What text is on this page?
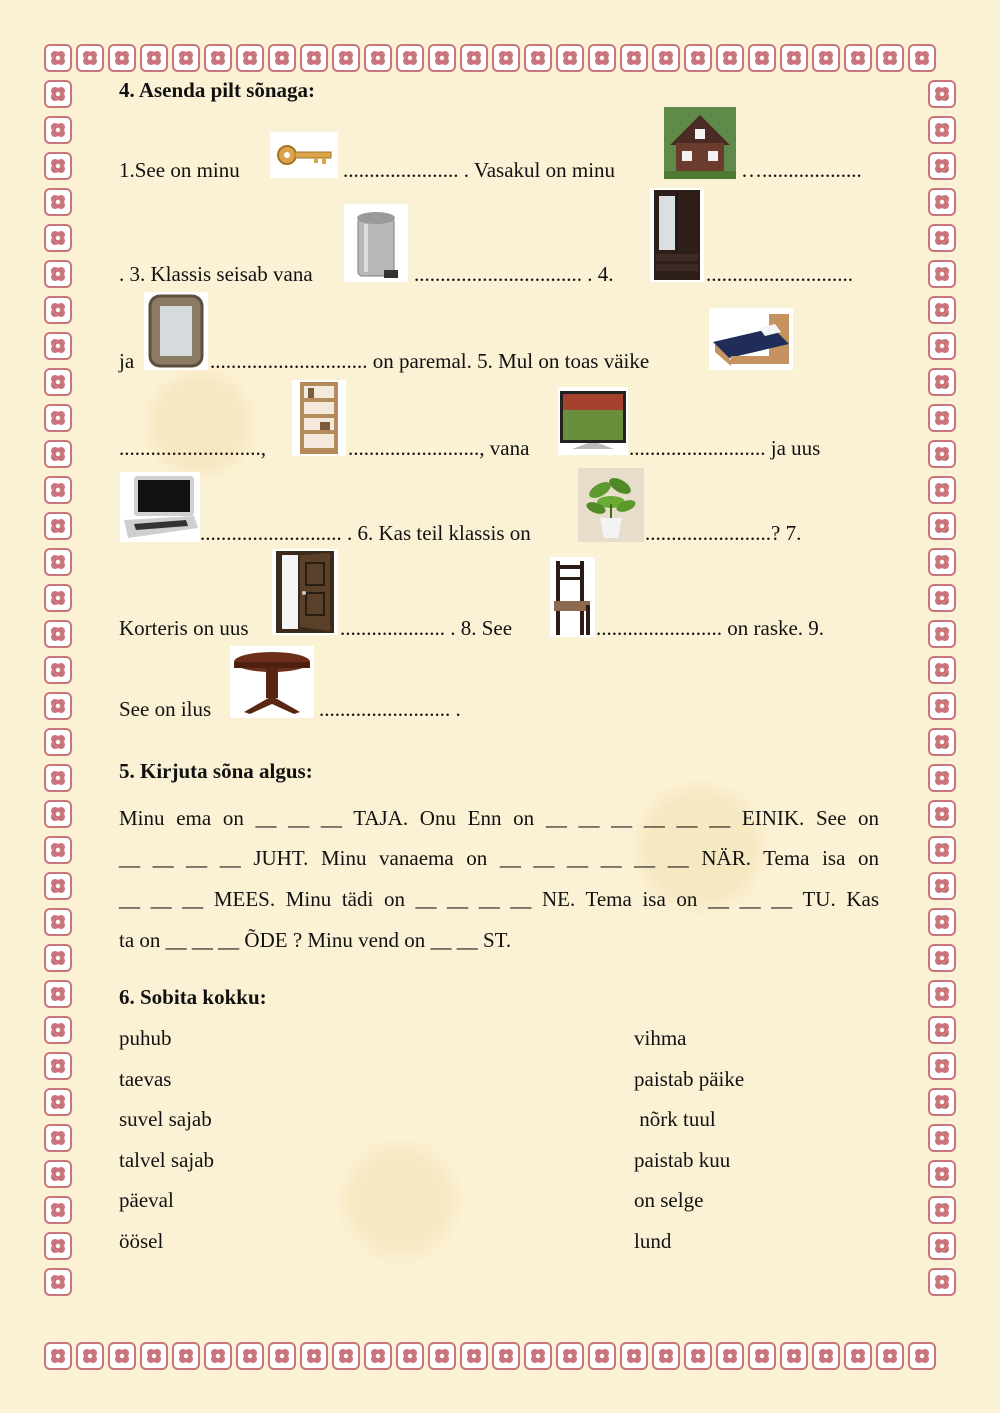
4. Asenda pilt sõnaga:
1.See on minu	...................... . Vasakul on minu	…...................
. 3. Klassis seisab vana	................................ . 4.	............................
ja	.............................. on paremal. 5. Mul on toas väike
...........................,	........................., vana	.......................... ja uus
........................... . 6. Kas teil klassis on	........................? 7.
Korteris on uus	.................... . 8. See	........................ on raske. 9.
See on ilus	......................... .
5. Kirjuta sõna algus:
Minu ema on __ __ __ TAJA. Onu Enn on __ __ __ __ __ __ EINIK. See on
__ __ __ __ JUHT. Minu vanaema on __ __ __ __ __ __ NÄR. Tema isa on
__ __ __ MEES. Minu tädi on __ __ __ __ NE. Tema isa on __ __ __ TU. Kas
ta on __ __ __ ÕDE ? Minu vend on __ __ ST.
6. Sobita kokku:
puhub
taevas
suvel sajab
talvel sajab
päeval
öösel
vihma
paistab päike
nõrk tuul
paistab kuu
on selge
lund
